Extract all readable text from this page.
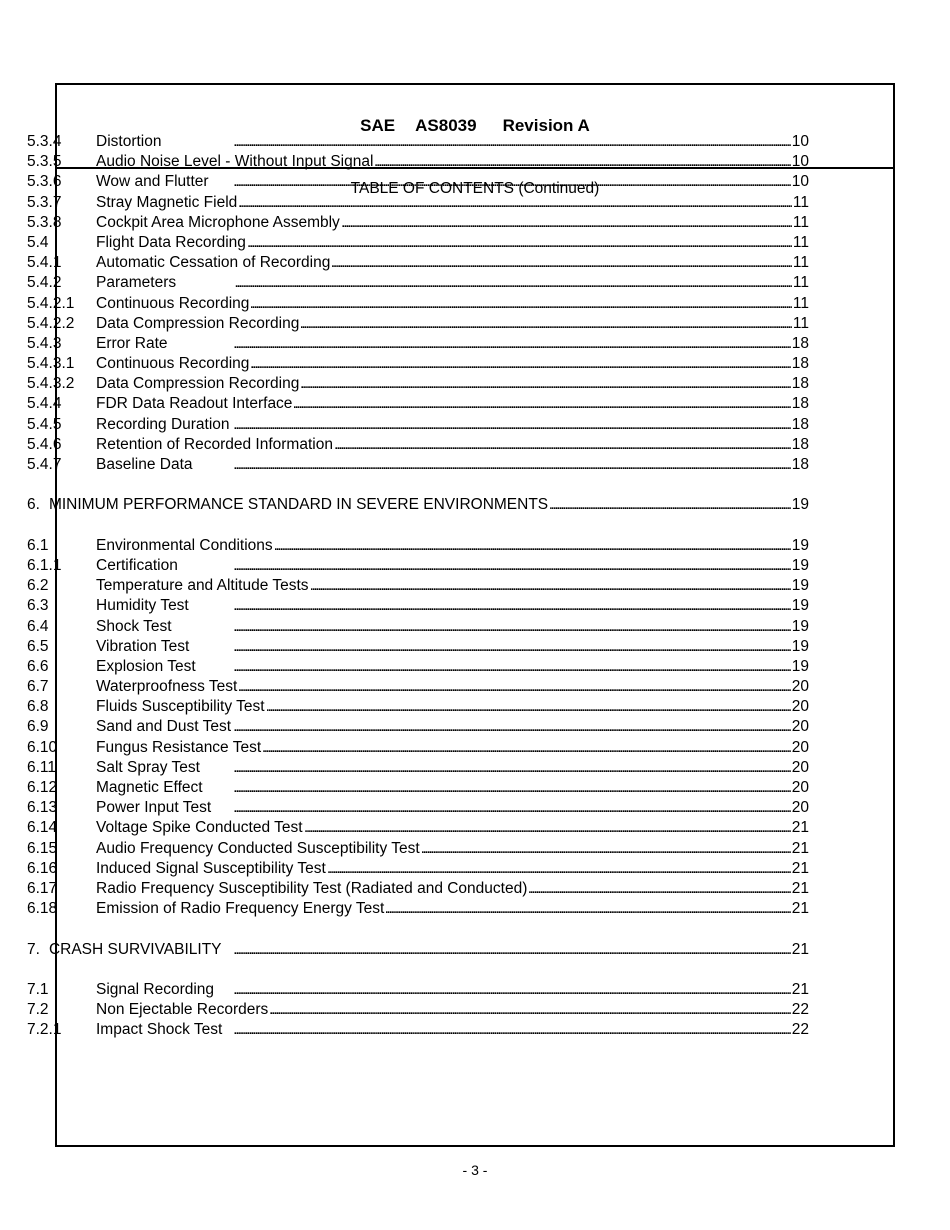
SAE AS8039 Revision A
TABLE OF CONTENTS (Continued)
5.3.4	Distortion . . .	10
5.3.5	Audio Noise Level - Without Input Signal . . .	10
5.3.6	Wow and Flutter . . .	10
5.3.7	Stray Magnetic Field . . .	11
5.3.8	Cockpit Area Microphone Assembly . . .	11
5.4	Flight Data Recording . . .	11
5.4.1	Automatic Cessation of Recording . . .	11
5.4.2	Parameters . . .	11
5.4.2.1	Continuous Recording . . .	11
5.4.2.2	Data Compression Recording . . .	11
5.4.3	Error Rate . . .	18
5.4.3.1	Continuous Recording . . .	18
5.4.3.2	Data Compression Recording . . .	18
5.4.4	FDR Data Readout Interface . . .	18
5.4.5	Recording Duration . . .	18
5.4.6	Retention of Recorded Information . . .	18
5.4.7	Baseline Data . . .	18
6. MINIMUM PERFORMANCE STANDARD IN SEVERE ENVIRONMENTS . . .	19
6.1	Environmental Conditions . . .	19
6.1.1	Certification . . .	19
6.2	Temperature and Altitude Tests . . .	19
6.3	Humidity Test . . .	19
6.4	Shock Test . . .	19
6.5	Vibration Test . . .	19
6.6	Explosion Test . . .	19
6.7	Waterproofness Test . . .	20
6.8	Fluids Susceptibility Test . . .	20
6.9	Sand and Dust Test . . .	20
6.10	Fungus Resistance Test . . .	20
6.11	Salt Spray Test . . .	20
6.12	Magnetic Effect . . .	20
6.13	Power Input Test . . .	20
6.14	Voltage Spike Conducted Test . . .	21
6.15	Audio Frequency Conducted Susceptibility Test . . .	21
6.16	Induced Signal Susceptibility Test . . .	21
6.17	Radio Frequency Susceptibility Test (Radiated and Conducted) . . .	21
6.18	Emission of Radio Frequency Energy Test . . .	21
7. CRASH SURVIVABILITY . . .	21
7.1	Signal Recording . . .	21
7.2	Non Ejectable Recorders . . .	22
7.2.1	Impact Shock Test . . .	22
- 3 -
